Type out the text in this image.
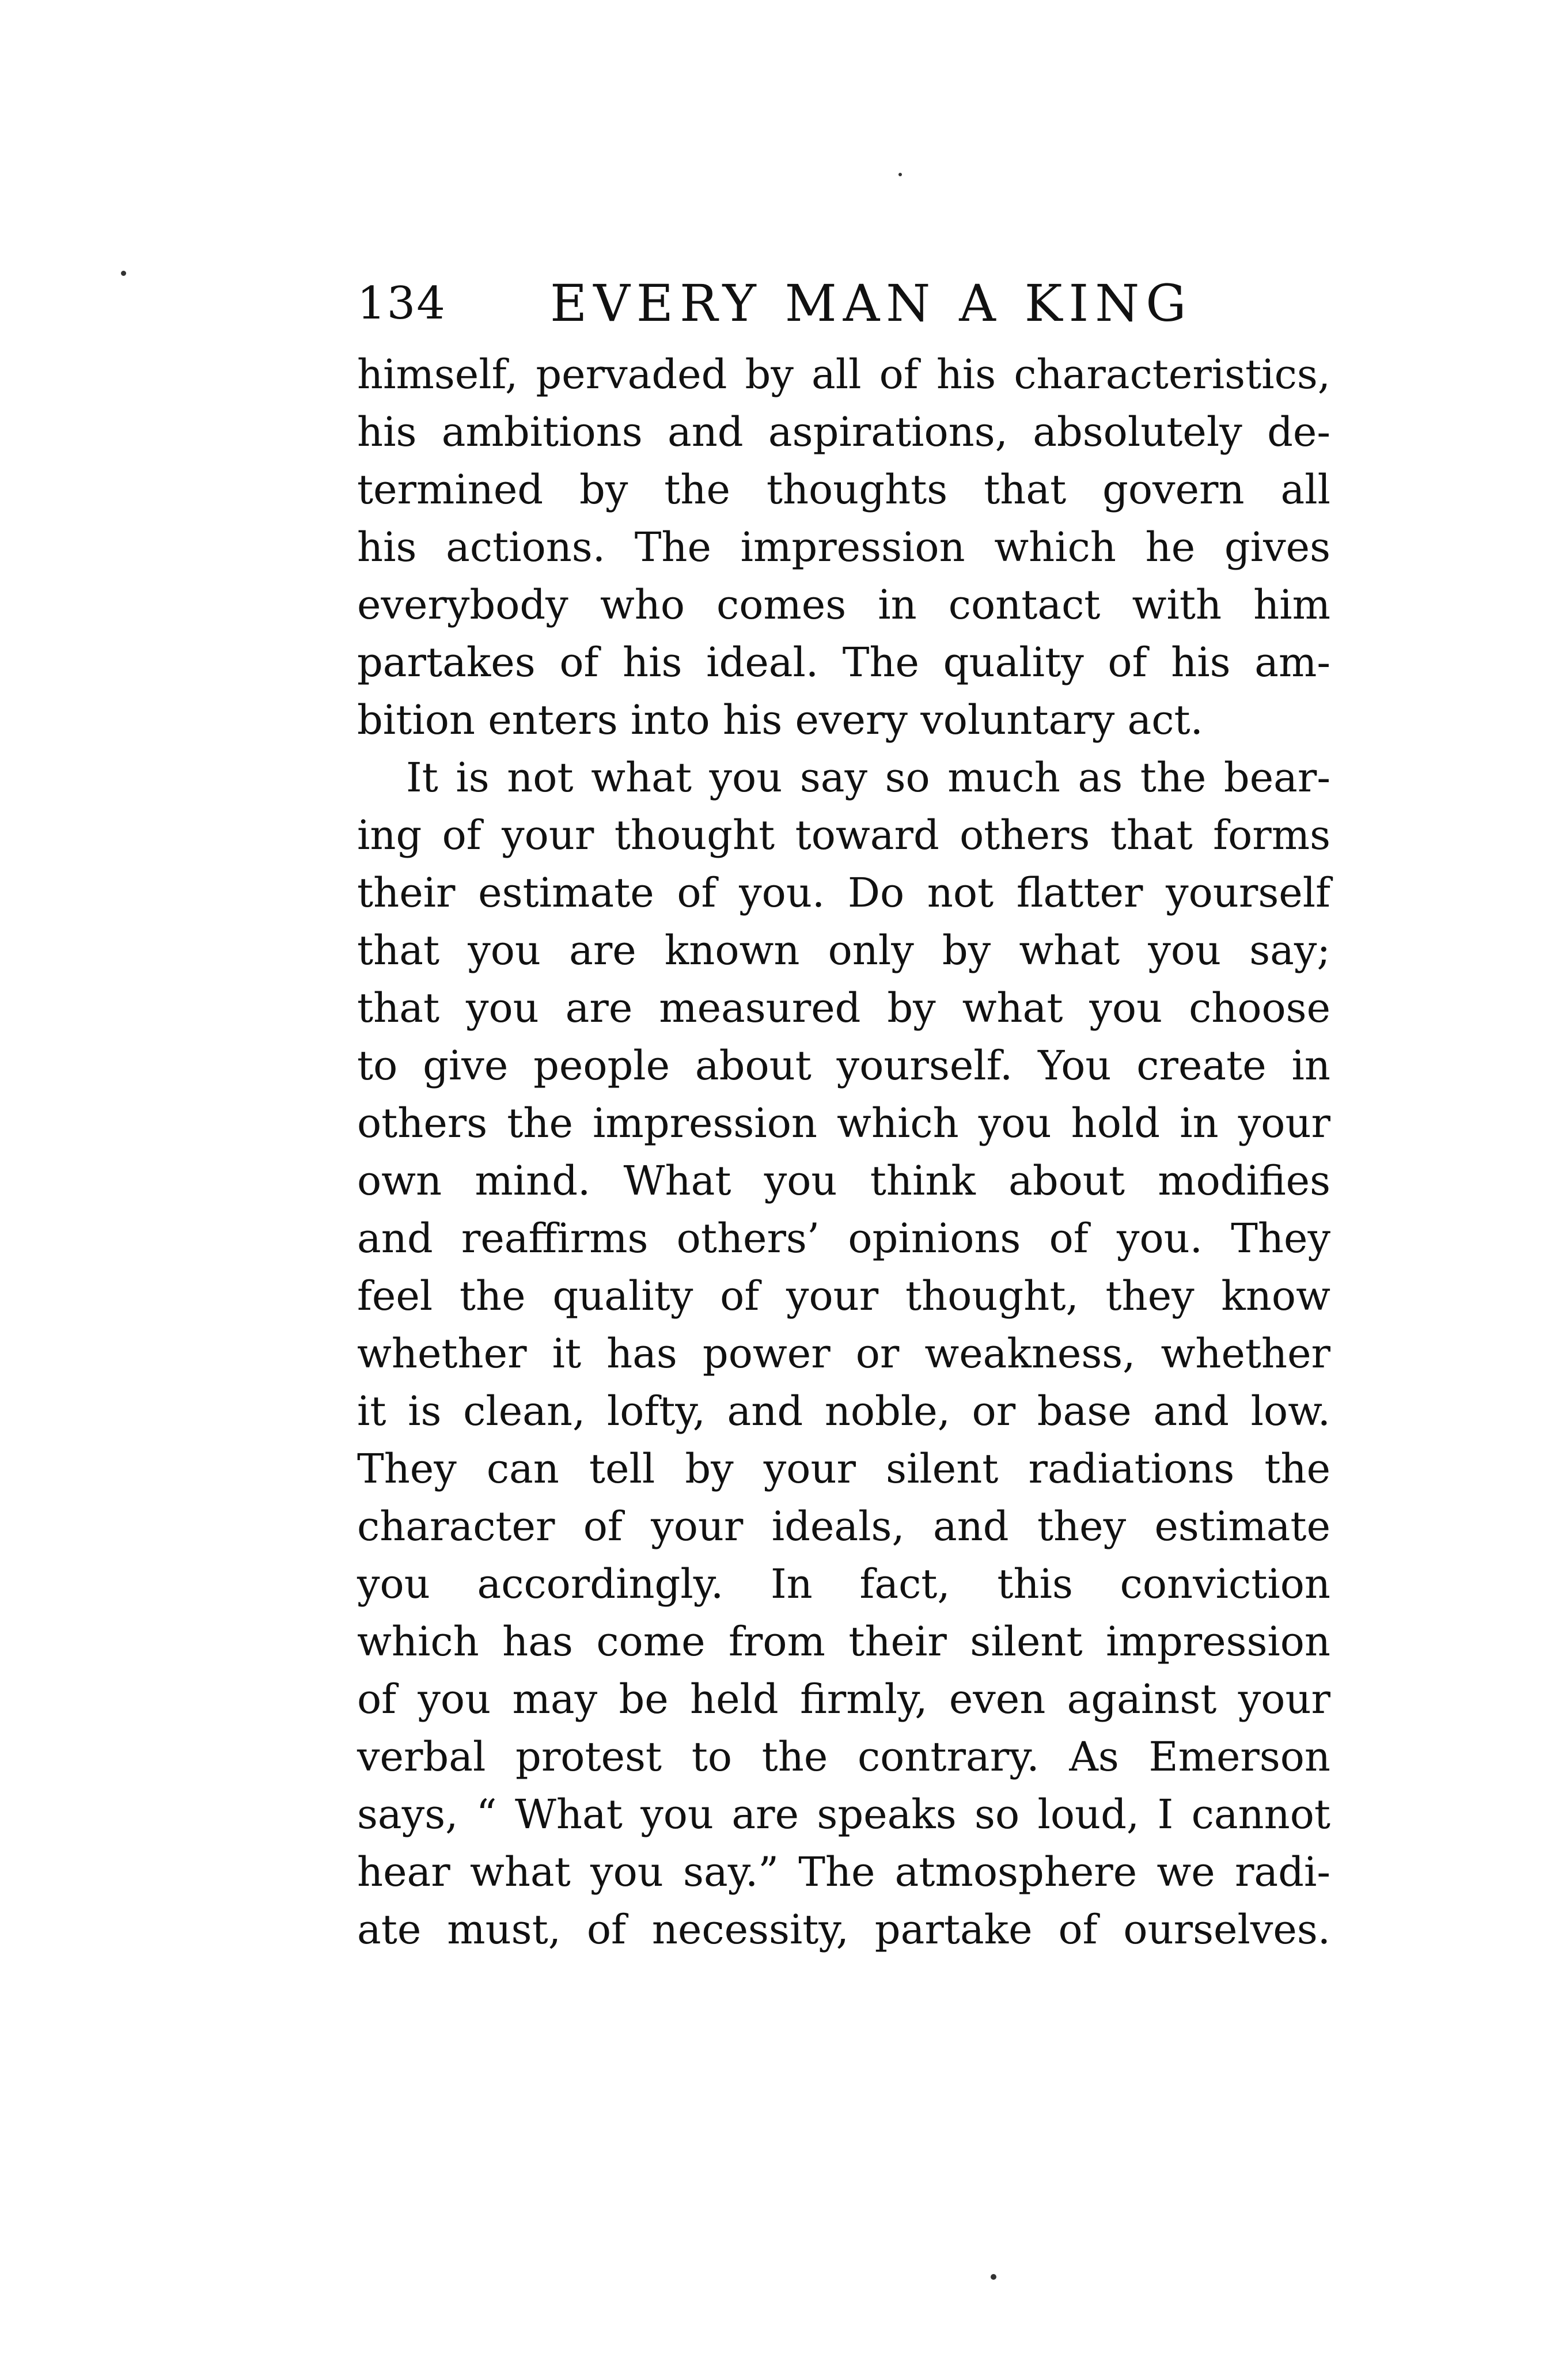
134 EVERY MAN A KING
himself, pervaded by all of his characteristics,
his ambitions and aspirations, absolutely de-
termined by the thoughts that govern all
his actions. The impression which he gives
everybody who comes in contact with him
partakes of his ideal. The quality of his am-
bition enters into his every voluntary act.
It is not what you say so much as the bear-
ing of your thought toward others that forms
their estimate of you. Do not flatter yourself
that you are known only by what you say;
that you are measured by what you choose
to give people about yourself. You create in
others the impression which you hold in your
own mind. What you think about modifies
and reaffirms others’ opinions of you. They
feel the quality of your thought, they know
whether it has power or weakness, whether
it is clean, lofty, and noble, or base and low.
They can tell by your silent radiations the
character of your ideals, and they estimate
you accordingly. In fact, this conviction
which has come from their silent impression
of you may be held firmly, even against your
verbal protest to the contrary. As Emerson
says, “ What you are speaks so loud, I cannot
hear what you say.” The atmosphere we radi-
ate must, of necessity, partake of ourselves.
